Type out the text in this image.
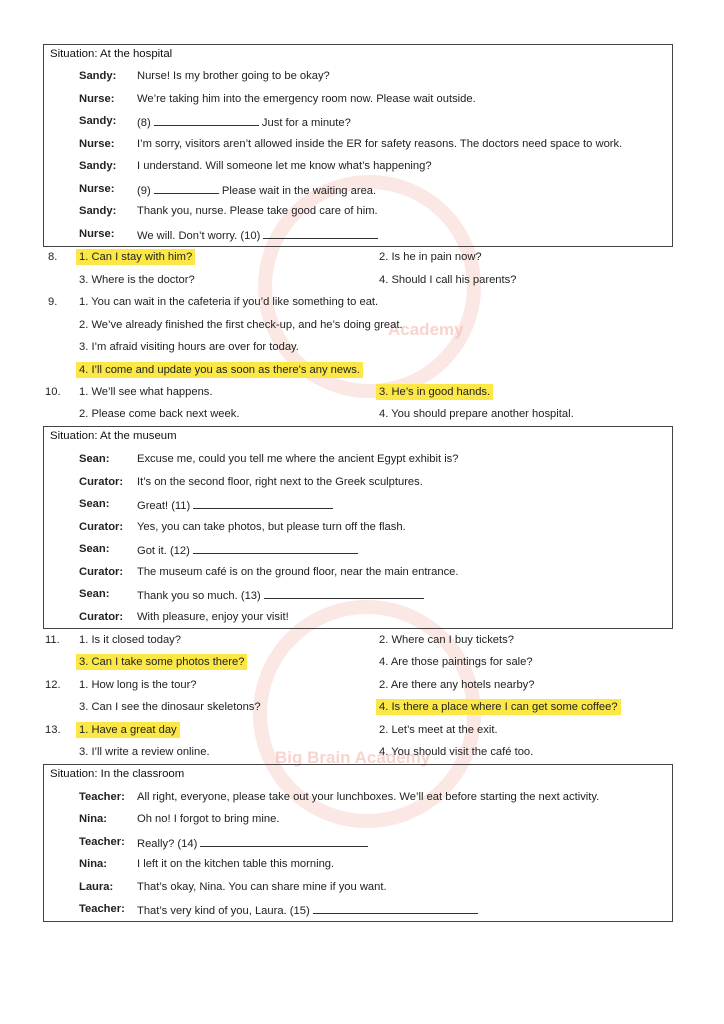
Academy
Big Brain Academy
Situation: At the hospital
Sandy: Nurse! Is my brother going to be okay?
Nurse: We’re taking him into the emergency room now. Please wait outside.
Sandy: (8)	Just for a minute?
Nurse: I’m sorry, visitors aren’t allowed inside the ER for safety reasons. The doctors need space to work.
Sandy: I understand. Will someone let me know what’s happening?
Nurse: (9)	Please wait in the waiting area.
Sandy: Thank you, nurse. Please take good care of him.
Nurse: We will. Don’t worry. (10)
8. 1. Can I stay with him?	2. Is he in pain now?
3. Where is the doctor?	4. Should I call his parents?
9. 1. You can wait in the cafeteria if you’d like something to eat.
2. We’ve already finished the first check-up, and he’s doing great.
3. I’m afraid visiting hours are over for today.
4. I’ll come and update you as soon as there’s any news.
10. 1. We’ll see what happens.	3. He’s in good hands.
2. Please come back next week.	4. You should prepare another hospital.
Situation: At the museum
Sean: Excuse me, could you tell me where the ancient Egypt exhibit is?
Curator: It’s on the second floor, right next to the Greek sculptures.
Sean: Great! (11)
Curator: Yes, you can take photos, but please turn off the flash.
Sean: Got it. (12)
Curator: The museum café is on the ground floor, near the main entrance.
Sean: Thank you so much. (13)
Curator: With pleasure, enjoy your visit!
11. 1. Is it closed today?	2. Where can I buy tickets?
3. Can I take some photos there?	4. Are those paintings for sale?
12. 1. How long is the tour?	2. Are there any hotels nearby?
3. Can I see the dinosaur skeletons?	4. Is there a place where I can get some coffee?
13. 1. Have a great day	2. Let’s meet at the exit.
3. I’ll write a review online.	4. You should visit the café too.
Situation: In the classroom
Teacher: All right, everyone, please take out your lunchboxes. We’ll eat before starting the next activity.
Nina:	Oh no! I forgot to bring mine.
Teacher: Really? (14)
Nina:	I left it on the kitchen table this morning.
Laura: That’s okay, Nina. You can share mine if you want.
Teacher: That’s very kind of you, Laura. (15)
